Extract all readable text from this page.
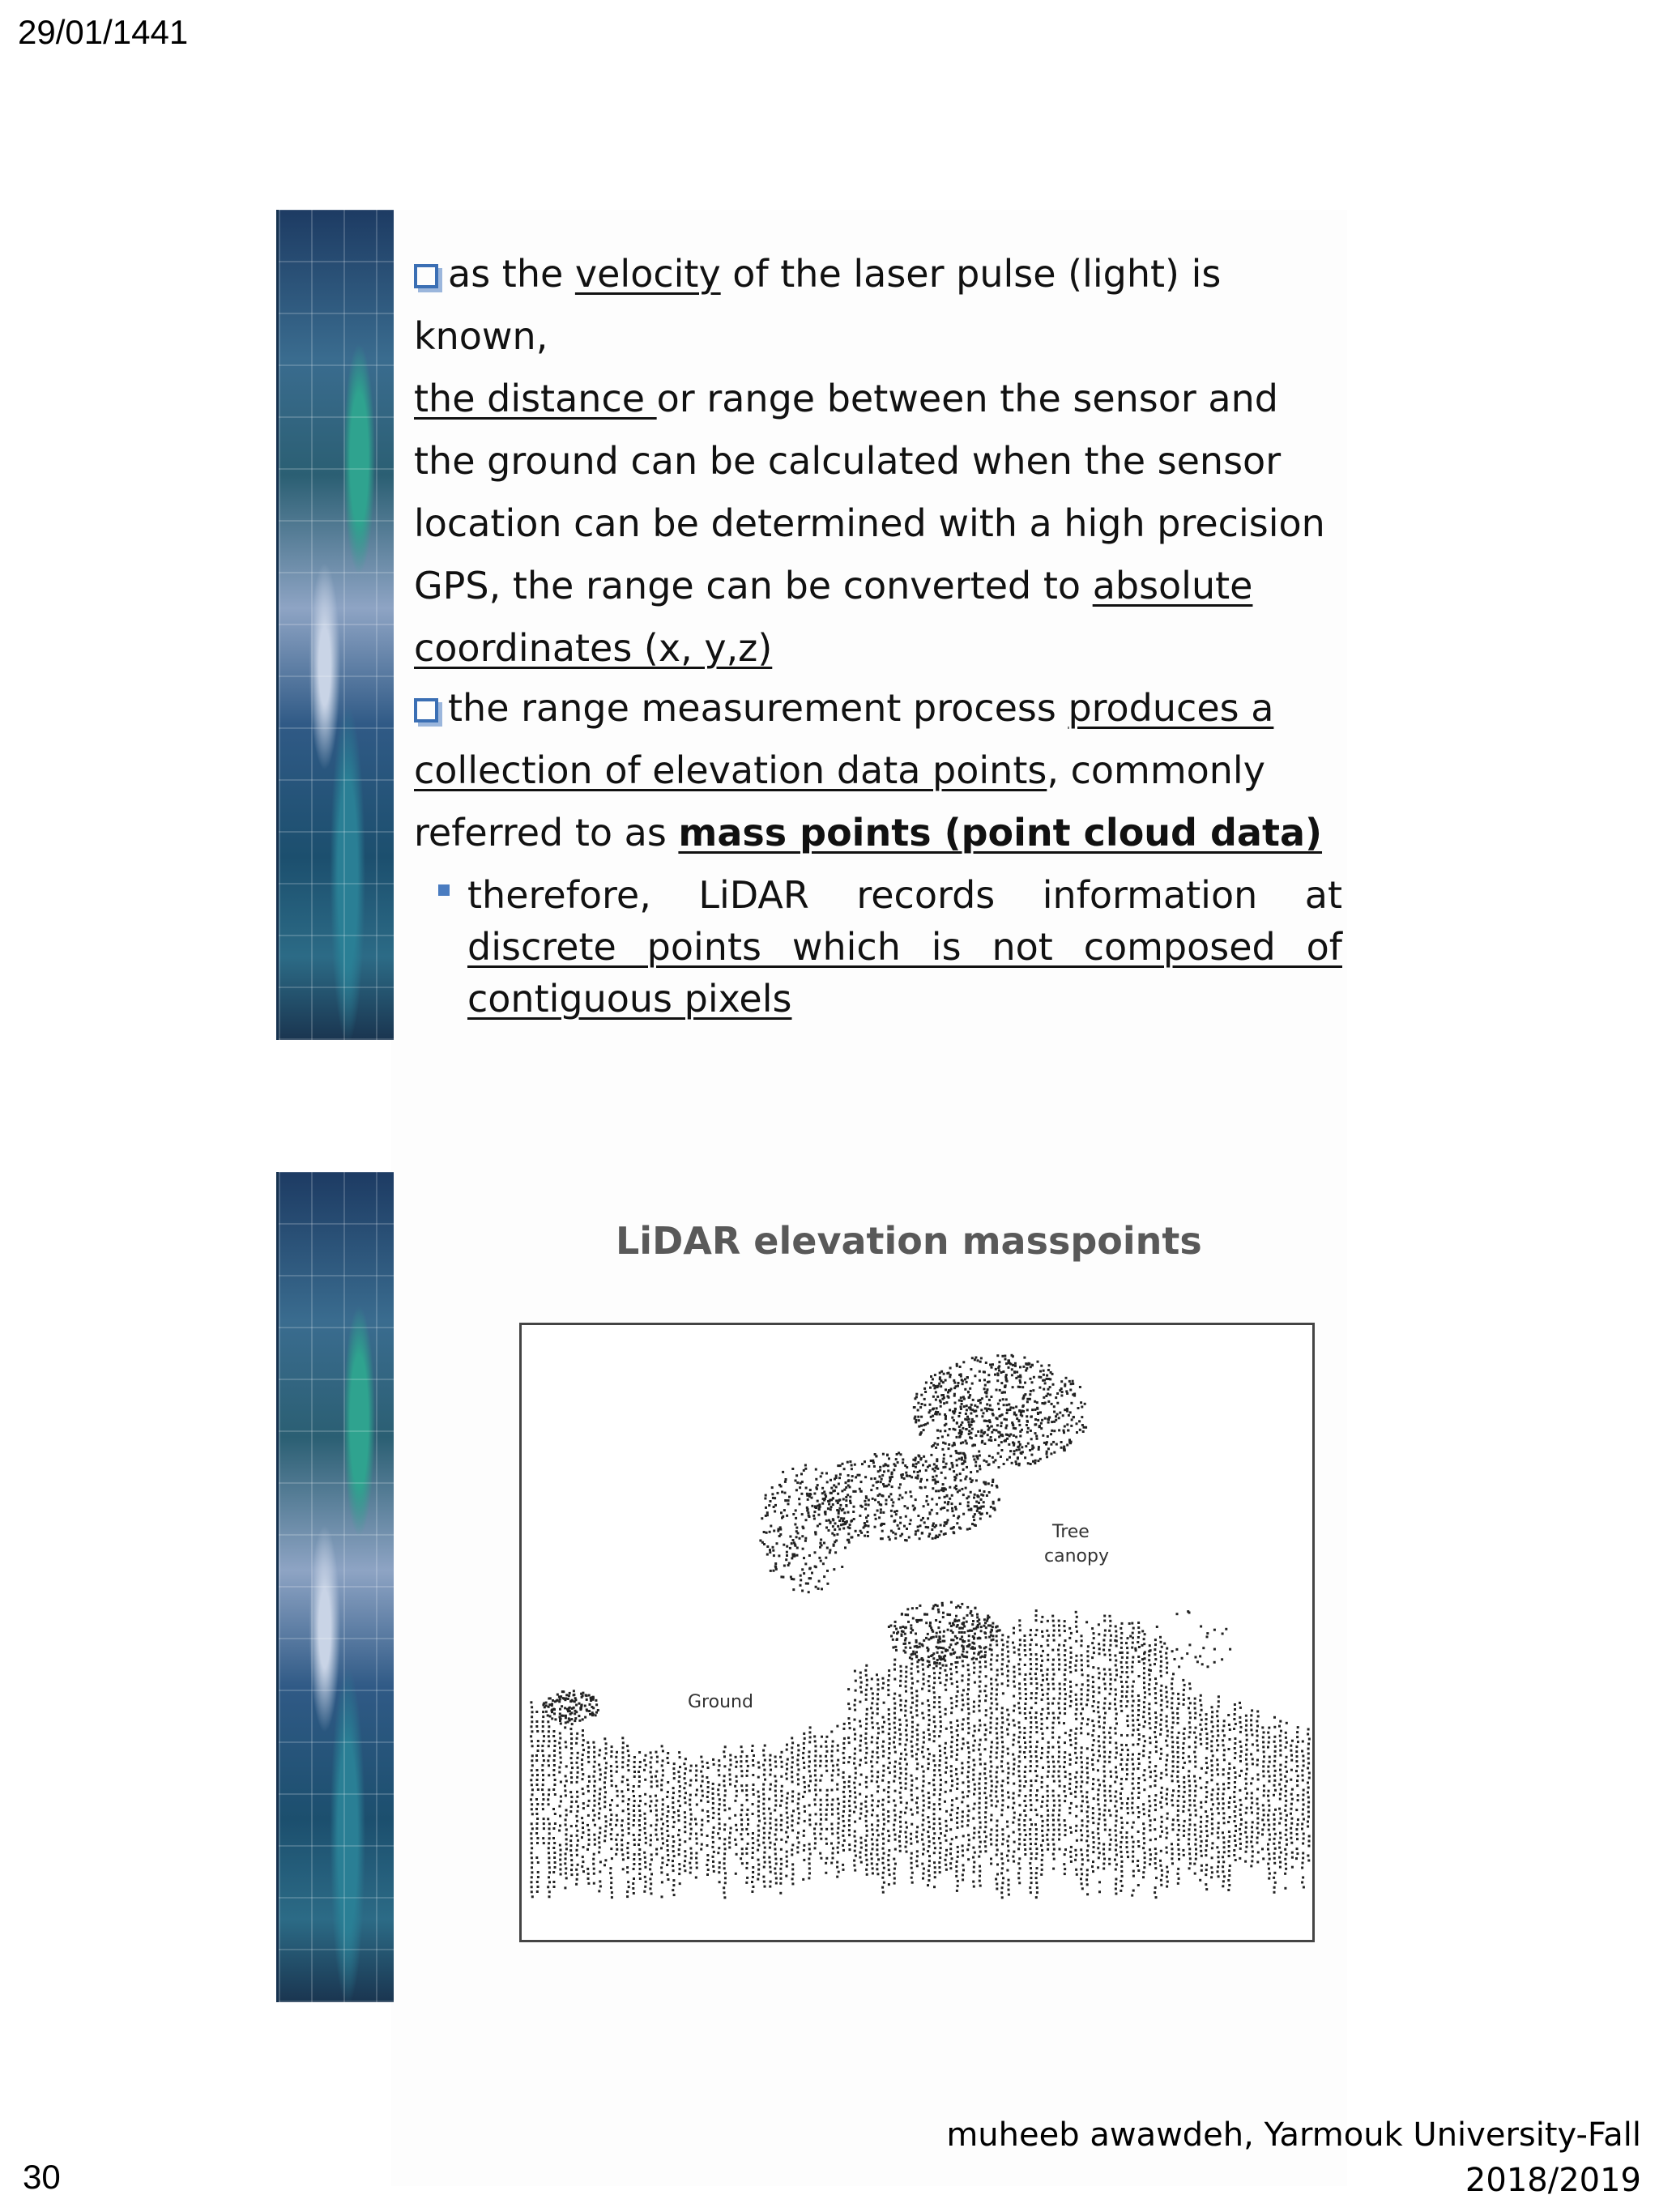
29/01/1441
as the velocity of the laser pulse (light) is known,
the distance or range between the sensor and the ground can be calculated when the sensor location can be determined with a high precision GPS, the range can be converted to absolute coordinates (x, y,z)
the range measurement process produces a collection of elevation data points, commonly referred to as mass points (point cloud data)
therefore, LiDAR records information at discrete points which is not composed of contiguous pixels
LiDAR elevation masspoints
Tree
canopy
Ground
muheeb awawdeh, Yarmouk University-Fall
2018/2019
30
